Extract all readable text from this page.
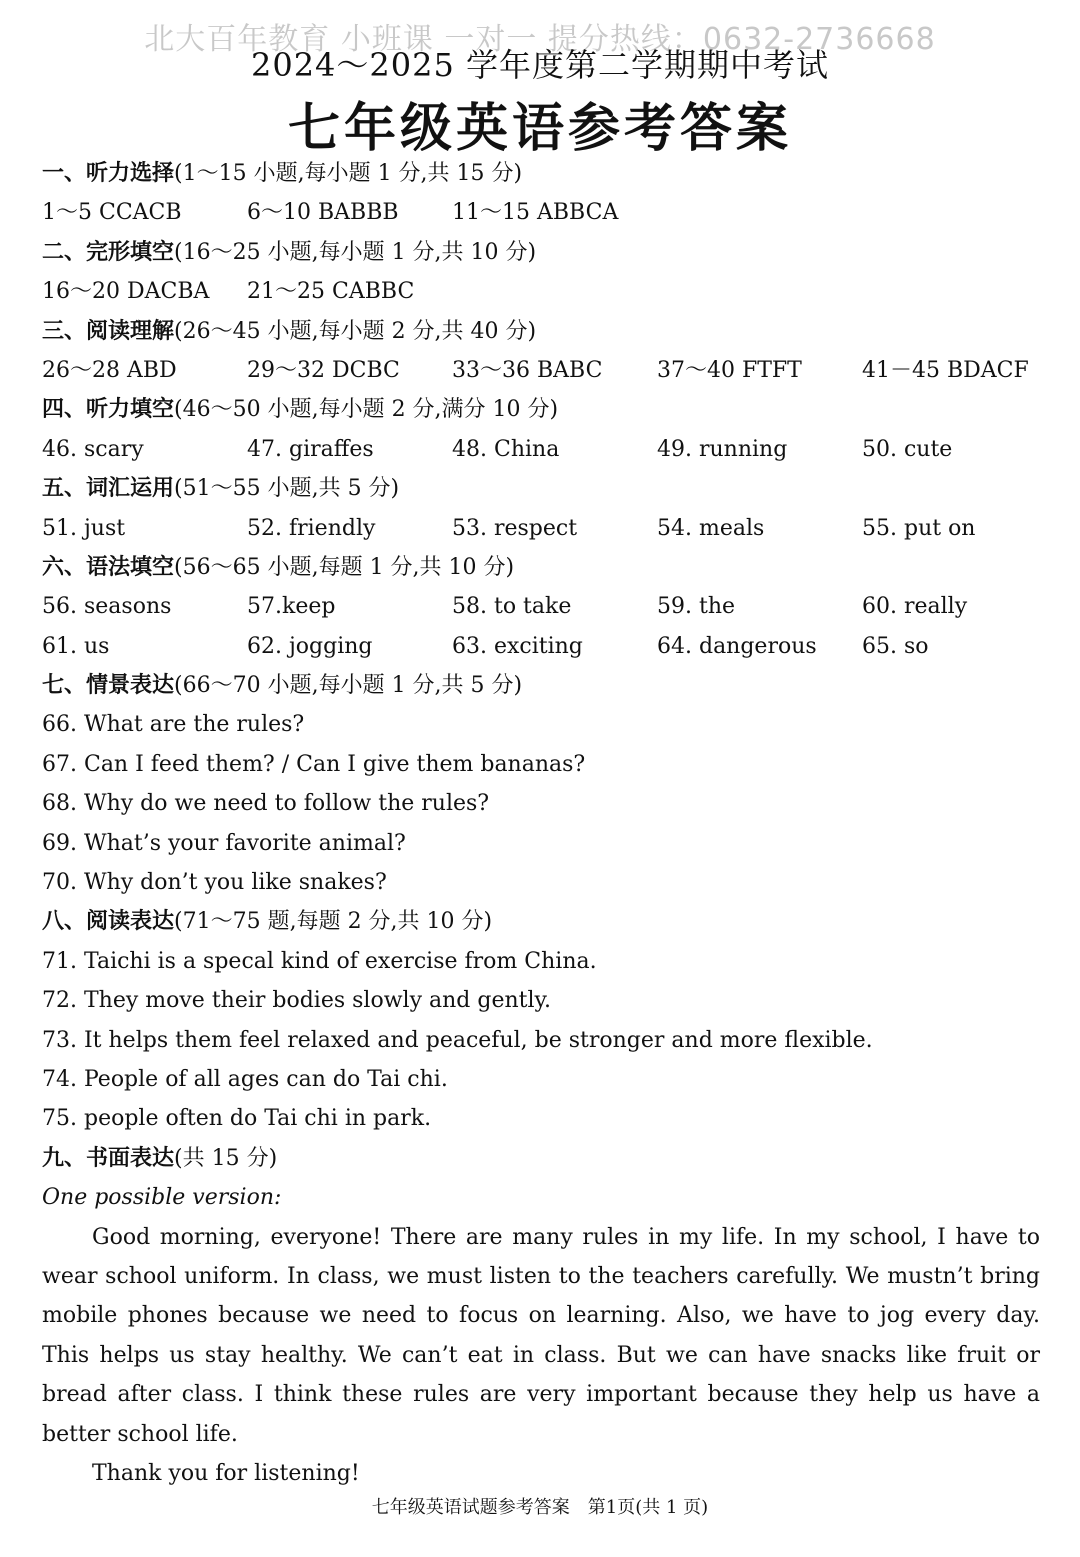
北大百年教育 小班课 一对一 提分热线：0632-2736668
2024～2025 学年度第二学期期中考试
七年级英语参考答案
一、听力选择(1～15 小题,每小题 1 分,共 15 分)
1～5 CCACB	6～10 BABBB 11～15 ABBCA
二、完形填空(16～25 小题,每小题 1 分,共 10 分)
16～20 DACBA 21～25 CABBC
三、阅读理解(26～45 小题,每小题 2 分,共 40 分)
26～28 ABD	29～32 DCBC 33～36 BABC 37～40 FTFT	41－45 BDACF
四、听力填空(46～50 小题,每小题 2 分,满分 10 分)
46. scary	47. giraffes	48. China	49. running	50. cute
五、词汇运用(51～55 小题,共 5 分)
51. just	52. friendly	53. respect	54. meals	55. put on
六、语法填空(56～65 小题,每题 1 分,共 10 分)
56. seasons	57.keep	58. to take	59. the	60. really
61. us	62. jogging	63. exciting	64. dangerous 65. so
七、情景表达(66～70 小题,每小题 1 分,共 5 分)
66. What are the rules?
67. Can I feed them? / Can I give them bananas?
68. Why do we need to follow the rules?
69. What’s your favorite animal?
70. Why don’t you like snakes?
八、阅读表达(71～75 题,每题 2 分,共 10 分)
71. Taichi is a specal kind of exercise from China.
72. They move their bodies slowly and gently.
73. It helps them feel relaxed and peaceful, be stronger and more flexible.
74. People of all ages can do Tai chi.
75. people often do Tai chi in park.
九、书面表达(共 15 分)
One possible version:

Good morning, everyone! There are many rules in my life. In my school, I have to wear school uniform. In class, we must listen to the teachers carefully. We mustn’t bring mobile phones because we need to focus on learning. Also, we have to jog every day. This helps us stay healthy. We can’t eat in class. But we can have snacks like fruit or bread after class. I think these rules are very important because they help us have a better school life.

Thank you for listening!

七年级英语试题参考答案　第1页(共 1 页)
